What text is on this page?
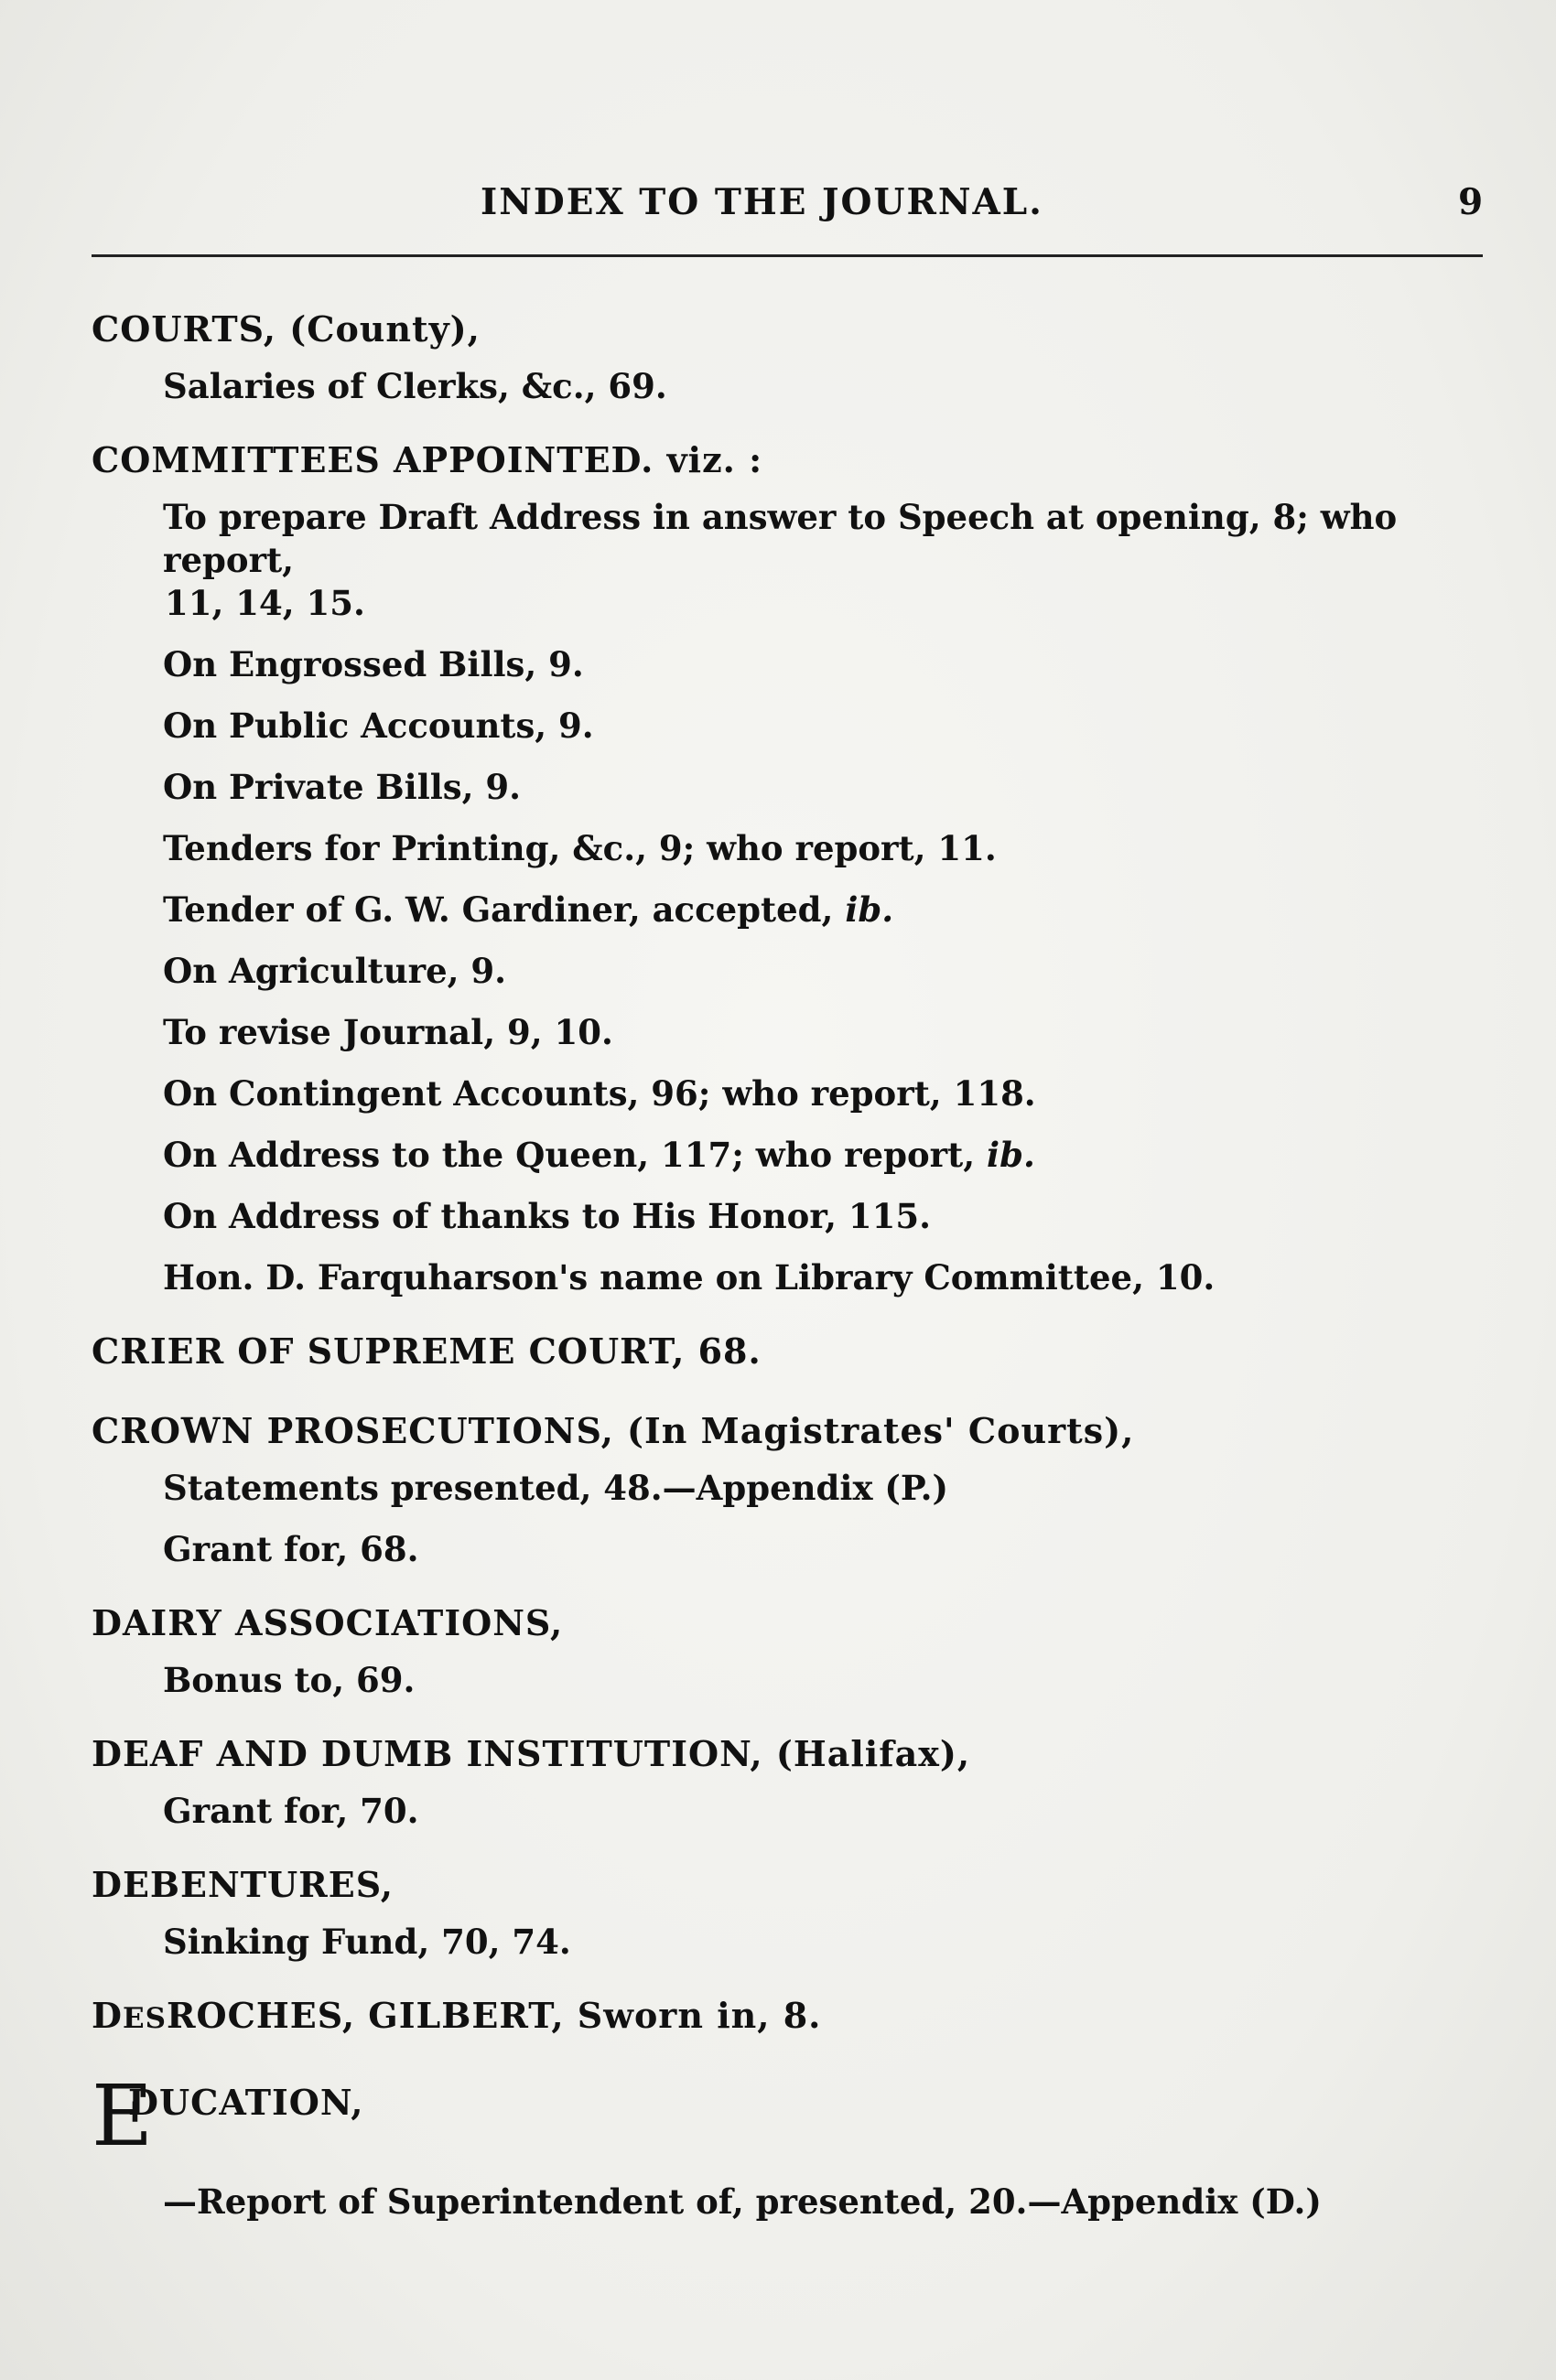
INDEX TO THE JOURNAL.	9
COURTS, (County),
Salaries of Clerks, &c., 69.
COMMITTEES APPOINTED. viz. :
To prepare Draft Address in answer to Speech at opening, 8; who report,
11, 14, 15.
On Engrossed Bills, 9.
On Public Accounts, 9.
On Private Bills, 9.
Tenders for Printing, &c., 9; who report, 11.
Tender of G. W. Gardiner, accepted, ib.
On Agriculture, 9.
To revise Journal, 9, 10.
On Contingent Accounts, 96; who report, 118.
On Address to the Queen, 117; who report, ib.
On Address of thanks to His Honor, 115.
Hon. D. Farquharson's name on Library Committee, 10.
CRIER OF SUPREME COURT, 68.
CROWN PROSECUTIONS, (In Magistrates' Courts),
Statements presented, 48.—Appendix (P.)
Grant for, 68.
DAIRY ASSOCIATIONS,
Bonus to, 69.
DEAF AND DUMB INSTITUTION, (Halifax),
Grant for, 70.
DEBENTURES,
Sinking Fund, 70, 74.
DESROCHES, GILBERT, Sworn in, 8.
E
DUCATION,
—Report of Superintendent of, presented, 20.—Appendix (D.)
